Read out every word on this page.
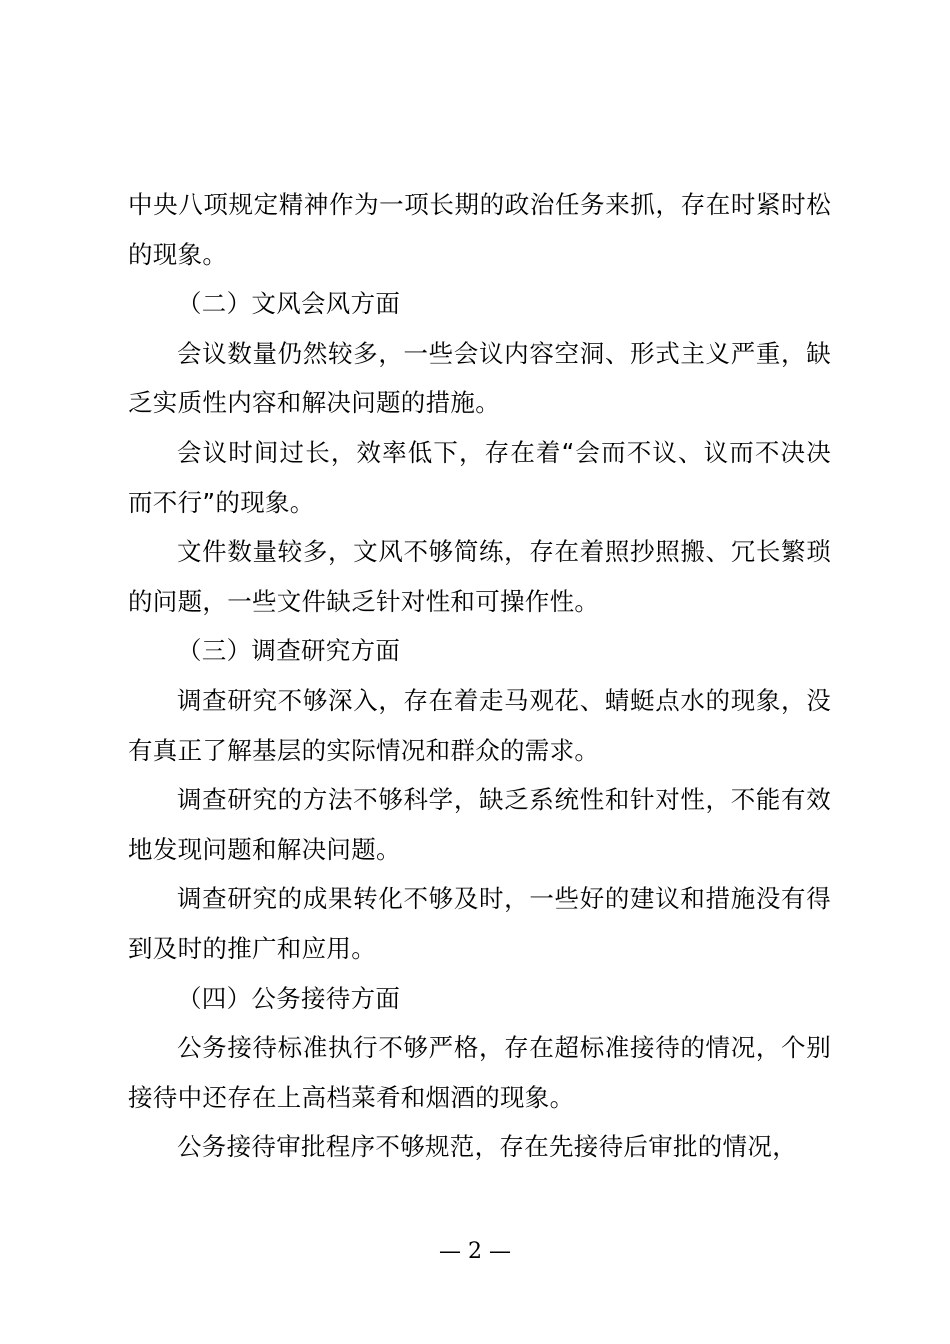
中央八项规定精神作为一项长期的政治任务来抓，存在时紧时松的现象。

（二）文风会风方面

会议数量仍然较多，一些会议内容空洞、形式主义严重，缺乏实质性内容和解决问题的措施。

会议时间过长，效率低下，存在着“会而不议、议而不决决而不行”的现象。

文件数量较多，文风不够简练，存在着照抄照搬、冗长繁琐的问题，一些文件缺乏针对性和可操作性。

（三）调查研究方面

调查研究不够深入，存在着走马观花、蜻蜓点水的现象，没有真正了解基层的实际情况和群众的需求。

调查研究的方法不够科学，缺乏系统性和针对性，不能有效地发现问题和解决问题。

调查研究的成果转化不够及时，一些好的建议和措施没有得到及时的推广和应用。

（四）公务接待方面

公务接待标准执行不够严格，存在超标准接待的情况，个别接待中还存在上高档菜肴和烟酒的现象。

公务接待审批程序不够规范，存在先接待后审批的情况，

— 2 —
